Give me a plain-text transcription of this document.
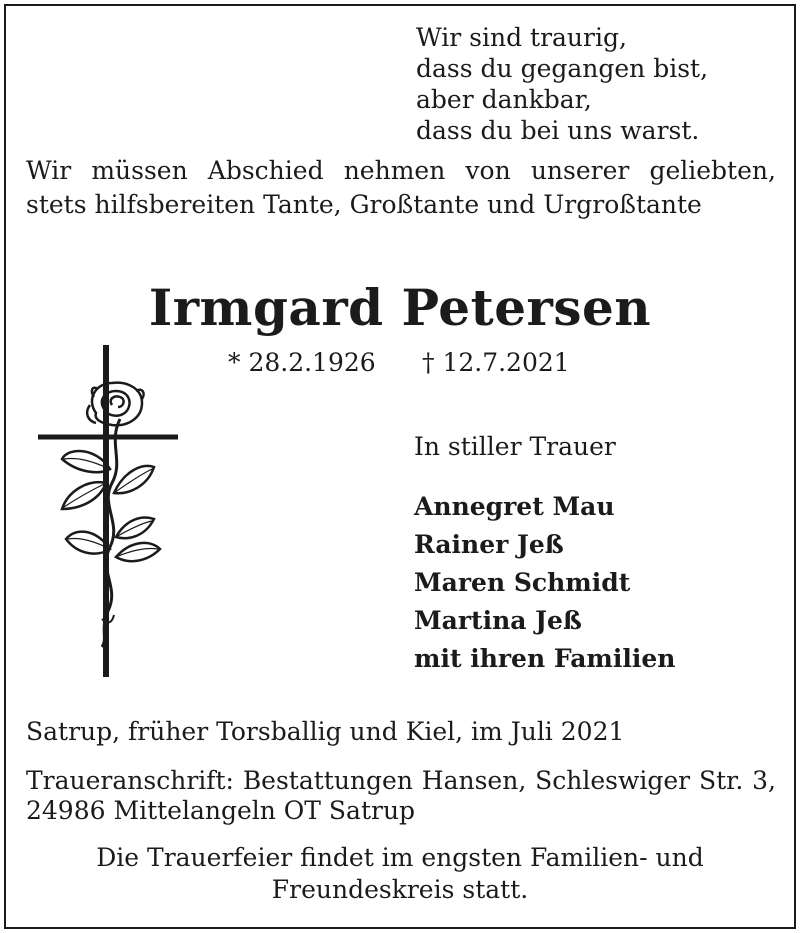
Wir sind traurig,
dass du gegangen bist,
aber dankbar,
dass du bei uns warst.
Wir müssen Abschied nehmen von unserer geliebten,
stets hilfsbereiten Tante, Großtante und Urgroßtante
Irmgard Petersen
* 28.2.1926 † 12.7.2021
In stiller Trauer
Annegret Mau
Rainer Jeß
Maren Schmidt
Martina Jeß
mit ihren Familien
Satrup, früher Torsballig und Kiel, im Juli 2021
Traueranschrift: Bestattungen Hansen, Schleswiger Str. 3,
24986 Mittelangeln OT Satrup
Die Trauerfeier findet im engsten Familien- und
Freundeskreis statt.
